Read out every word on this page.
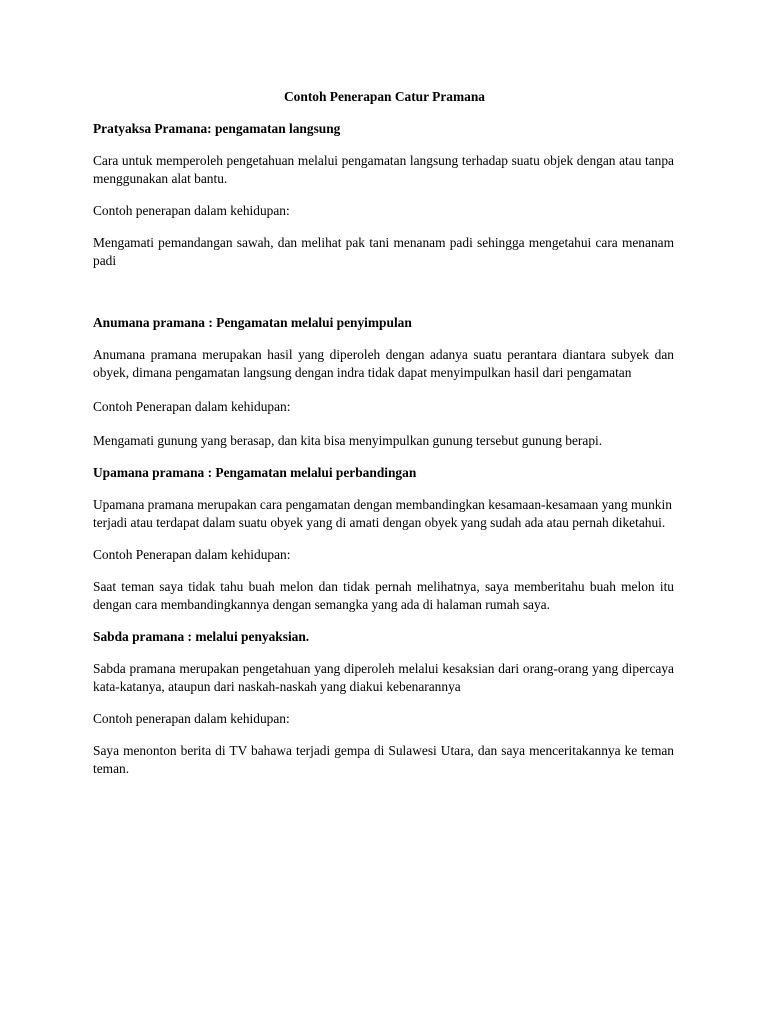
Contoh Penerapan Catur Pramana
Pratyaksa Pramana: pengamatan langsung
Cara untuk memperoleh pengetahuan melalui pengamatan langsung terhadap suatu objek dengan atau tanpa menggunakan alat bantu.
Contoh penerapan dalam kehidupan:
Mengamati pemandangan sawah, dan melihat pak tani menanam padi sehingga mengetahui cara menanam padi
Anumana pramana : Pengamatan melalui penyimpulan
Anumana pramana merupakan hasil yang diperoleh dengan adanya suatu perantara diantara subyek dan obyek, dimana pengamatan langsung dengan indra tidak dapat menyimpulkan hasil dari pengamatan
Contoh Penerapan dalam kehidupan:
Mengamati gunung yang berasap, dan kita bisa menyimpulkan gunung tersebut gunung berapi.
Upamana pramana : Pengamatan melalui perbandingan
Upamana pramana merupakan cara pengamatan dengan membandingkan kesamaan-kesamaan yang munkin terjadi atau terdapat dalam suatu obyek yang di amati dengan obyek yang sudah ada atau pernah diketahui.
Contoh Penerapan dalam kehidupan:
Saat teman saya tidak tahu buah melon dan tidak pernah melihatnya, saya memberitahu buah melon itu dengan cara membandingkannya dengan semangka yang ada di halaman rumah saya.
Sabda pramana : melalui penyaksian.
Sabda pramana merupakan pengetahuan yang diperoleh melalui kesaksian dari orang-orang yang dipercaya kata-katanya, ataupun dari naskah-naskah yang diakui kebenarannya
Contoh penerapan dalam kehidupan:
Saya menonton berita di TV bahawa terjadi gempa di Sulawesi Utara, dan saya menceritakannya ke teman teman.
